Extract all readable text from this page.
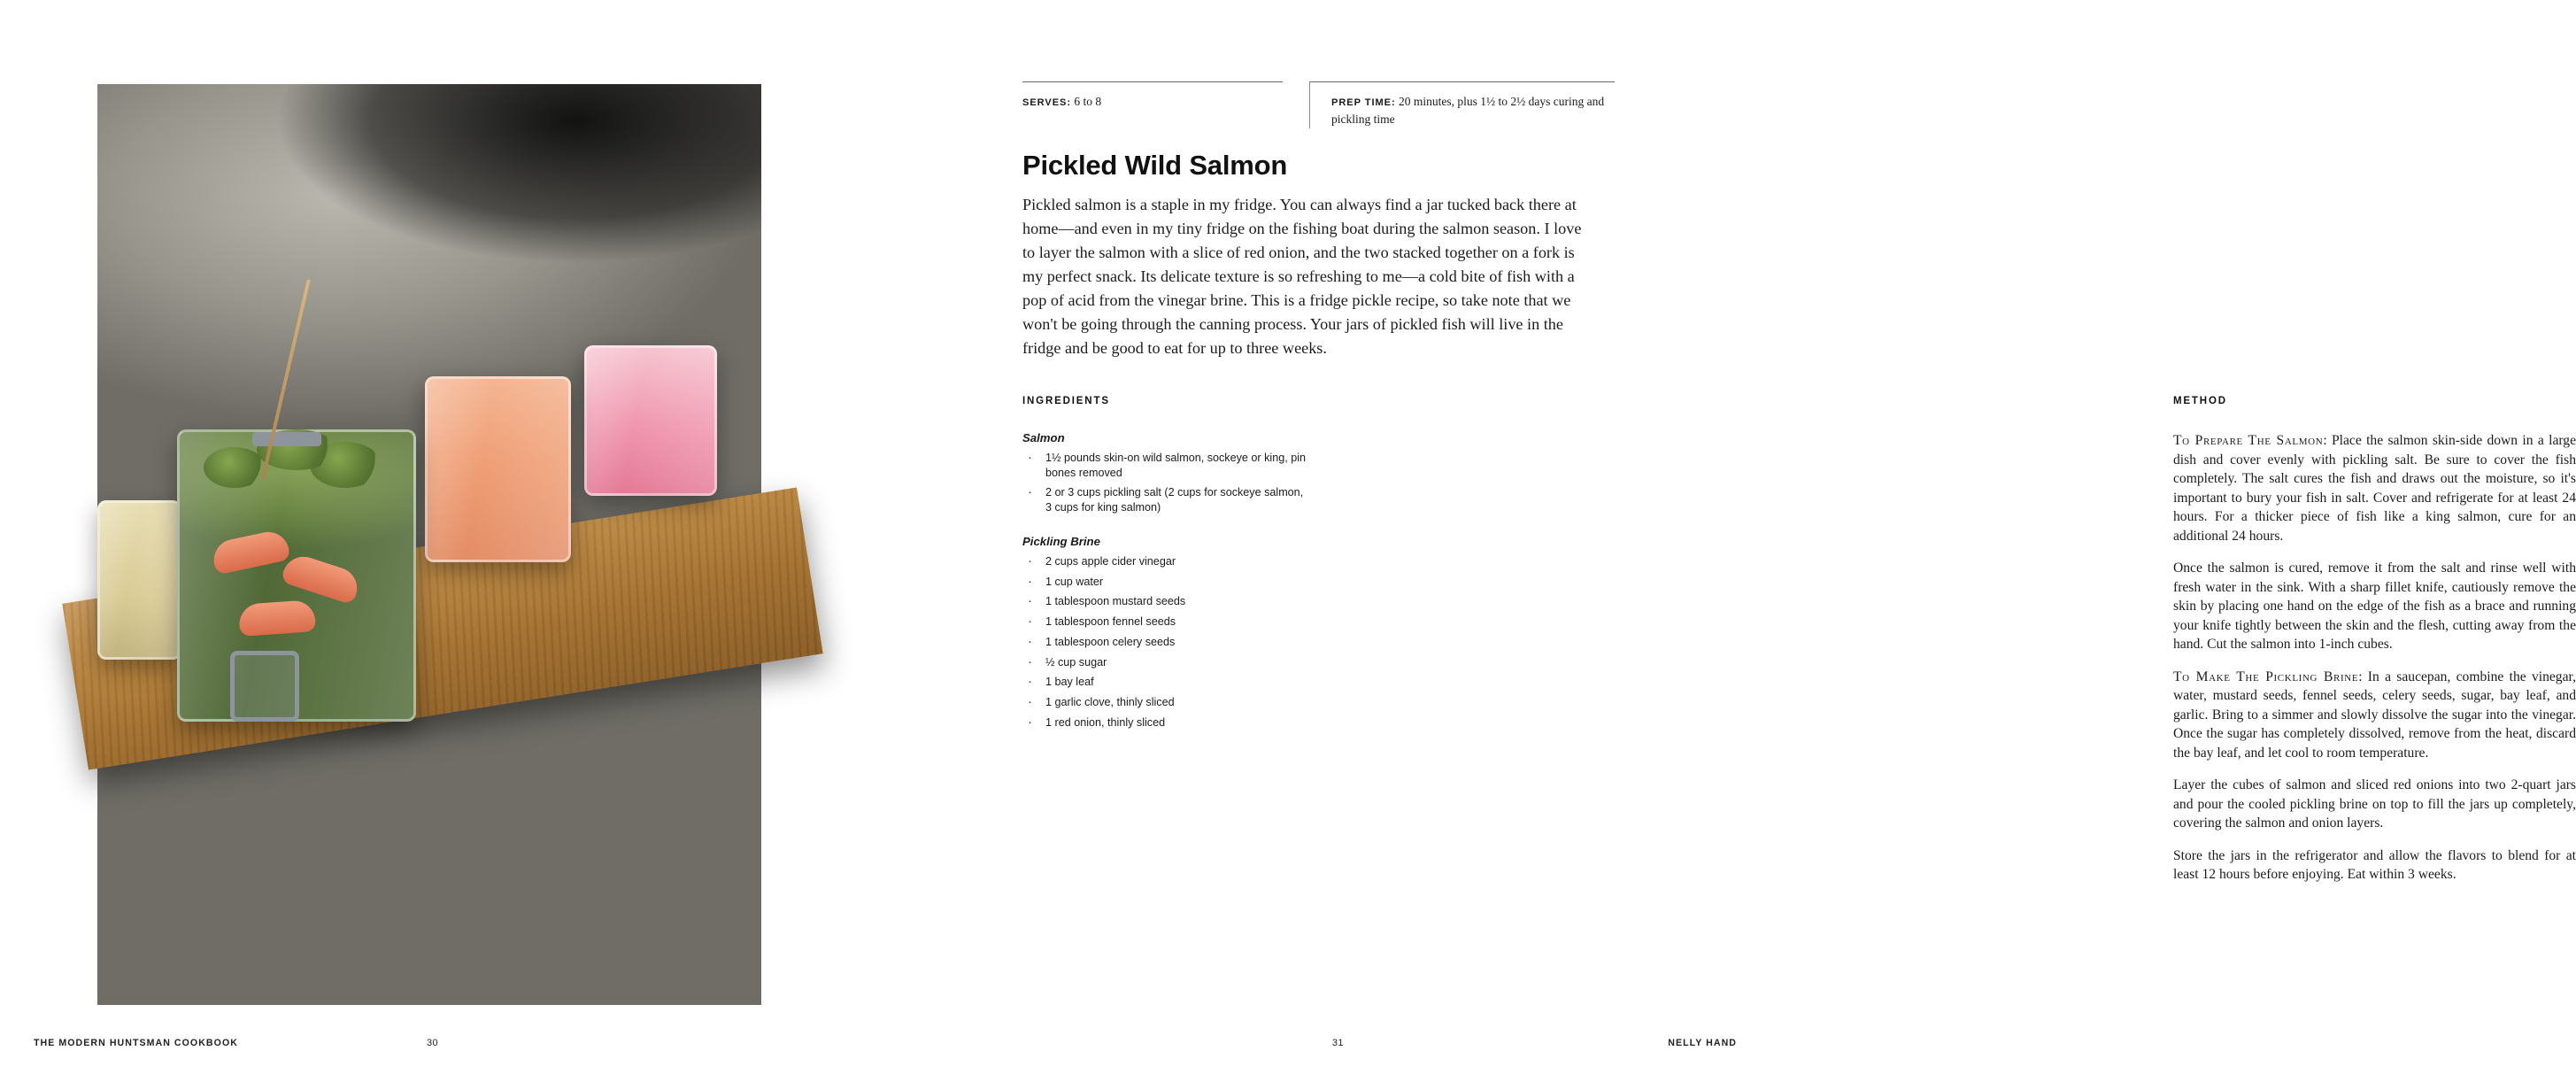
THE MODERN HUNTSMAN COOKBOOK	30
SERVES: 6 to 8	PREP TIME: 20 minutes, plus 1½ to 2½ days curing and pickling time
Pickled Wild Salmon
Pickled salmon is a staple in my fridge. You can always find a jar tucked back there at home—and even in my tiny fridge on the fishing boat during the salmon season. I love to layer the salmon with a slice of red onion, and the two stacked together on a fork is my perfect snack. Its delicate texture is so refreshing to me—a cold bite of fish with a pop of acid from the vinegar brine. This is a fridge pickle recipe, so take note that we won't be going through the canning process. Your jars of pickled fish will live in the fridge and be good to eat for up to three weeks.
INGREDIENTS
Salmon
· 1½ pounds skin-on wild salmon, sockeye or king, pin bones removed
· 2 or 3 cups pickling salt (2 cups for sockeye salmon, 3 cups for king salmon)
Pickling Brine
· 2 cups apple cider vinegar
· 1 cup water
· 1 tablespoon mustard seeds
· 1 tablespoon fennel seeds
· 1 tablespoon celery seeds
· ½ cup sugar
· 1 bay leaf
· 1 garlic clove, thinly sliced
· 1 red onion, thinly sliced
METHOD

To Prepare The Salmon: Place the salmon skin-side down in a large dish and cover evenly with pickling salt. Be sure to cover the fish completely. The salt cures the fish and draws out the moisture, so it's important to bury your fish in salt. Cover and refrigerate for at least 24 hours. For a thicker piece of fish like a king salmon, cure for an additional 24 hours.

Once the salmon is cured, remove it from the salt and rinse well with fresh water in the sink. With a sharp fillet knife, cautiously remove the skin by placing one hand on the edge of the fish as a brace and running your knife tightly between the skin and the flesh, cutting away from the hand. Cut the salmon into 1-inch cubes.

To Make The Pickling Brine: In a saucepan, combine the vinegar, water, mustard seeds, fennel seeds, celery seeds, sugar, bay leaf, and garlic. Bring to a simmer and slowly dissolve the sugar into the vinegar. Once the sugar has completely dissolved, remove from the heat, discard the bay leaf, and let cool to room temperature.

Layer the cubes of salmon and sliced red onions into two 2-quart jars and pour the cooled pickling brine on top to fill the jars up completely, covering the salmon and onion layers.

Store the jars in the refrigerator and allow the flavors to blend for at least 12 hours before enjoying. Eat within 3 weeks.

NELLY HAND
31
